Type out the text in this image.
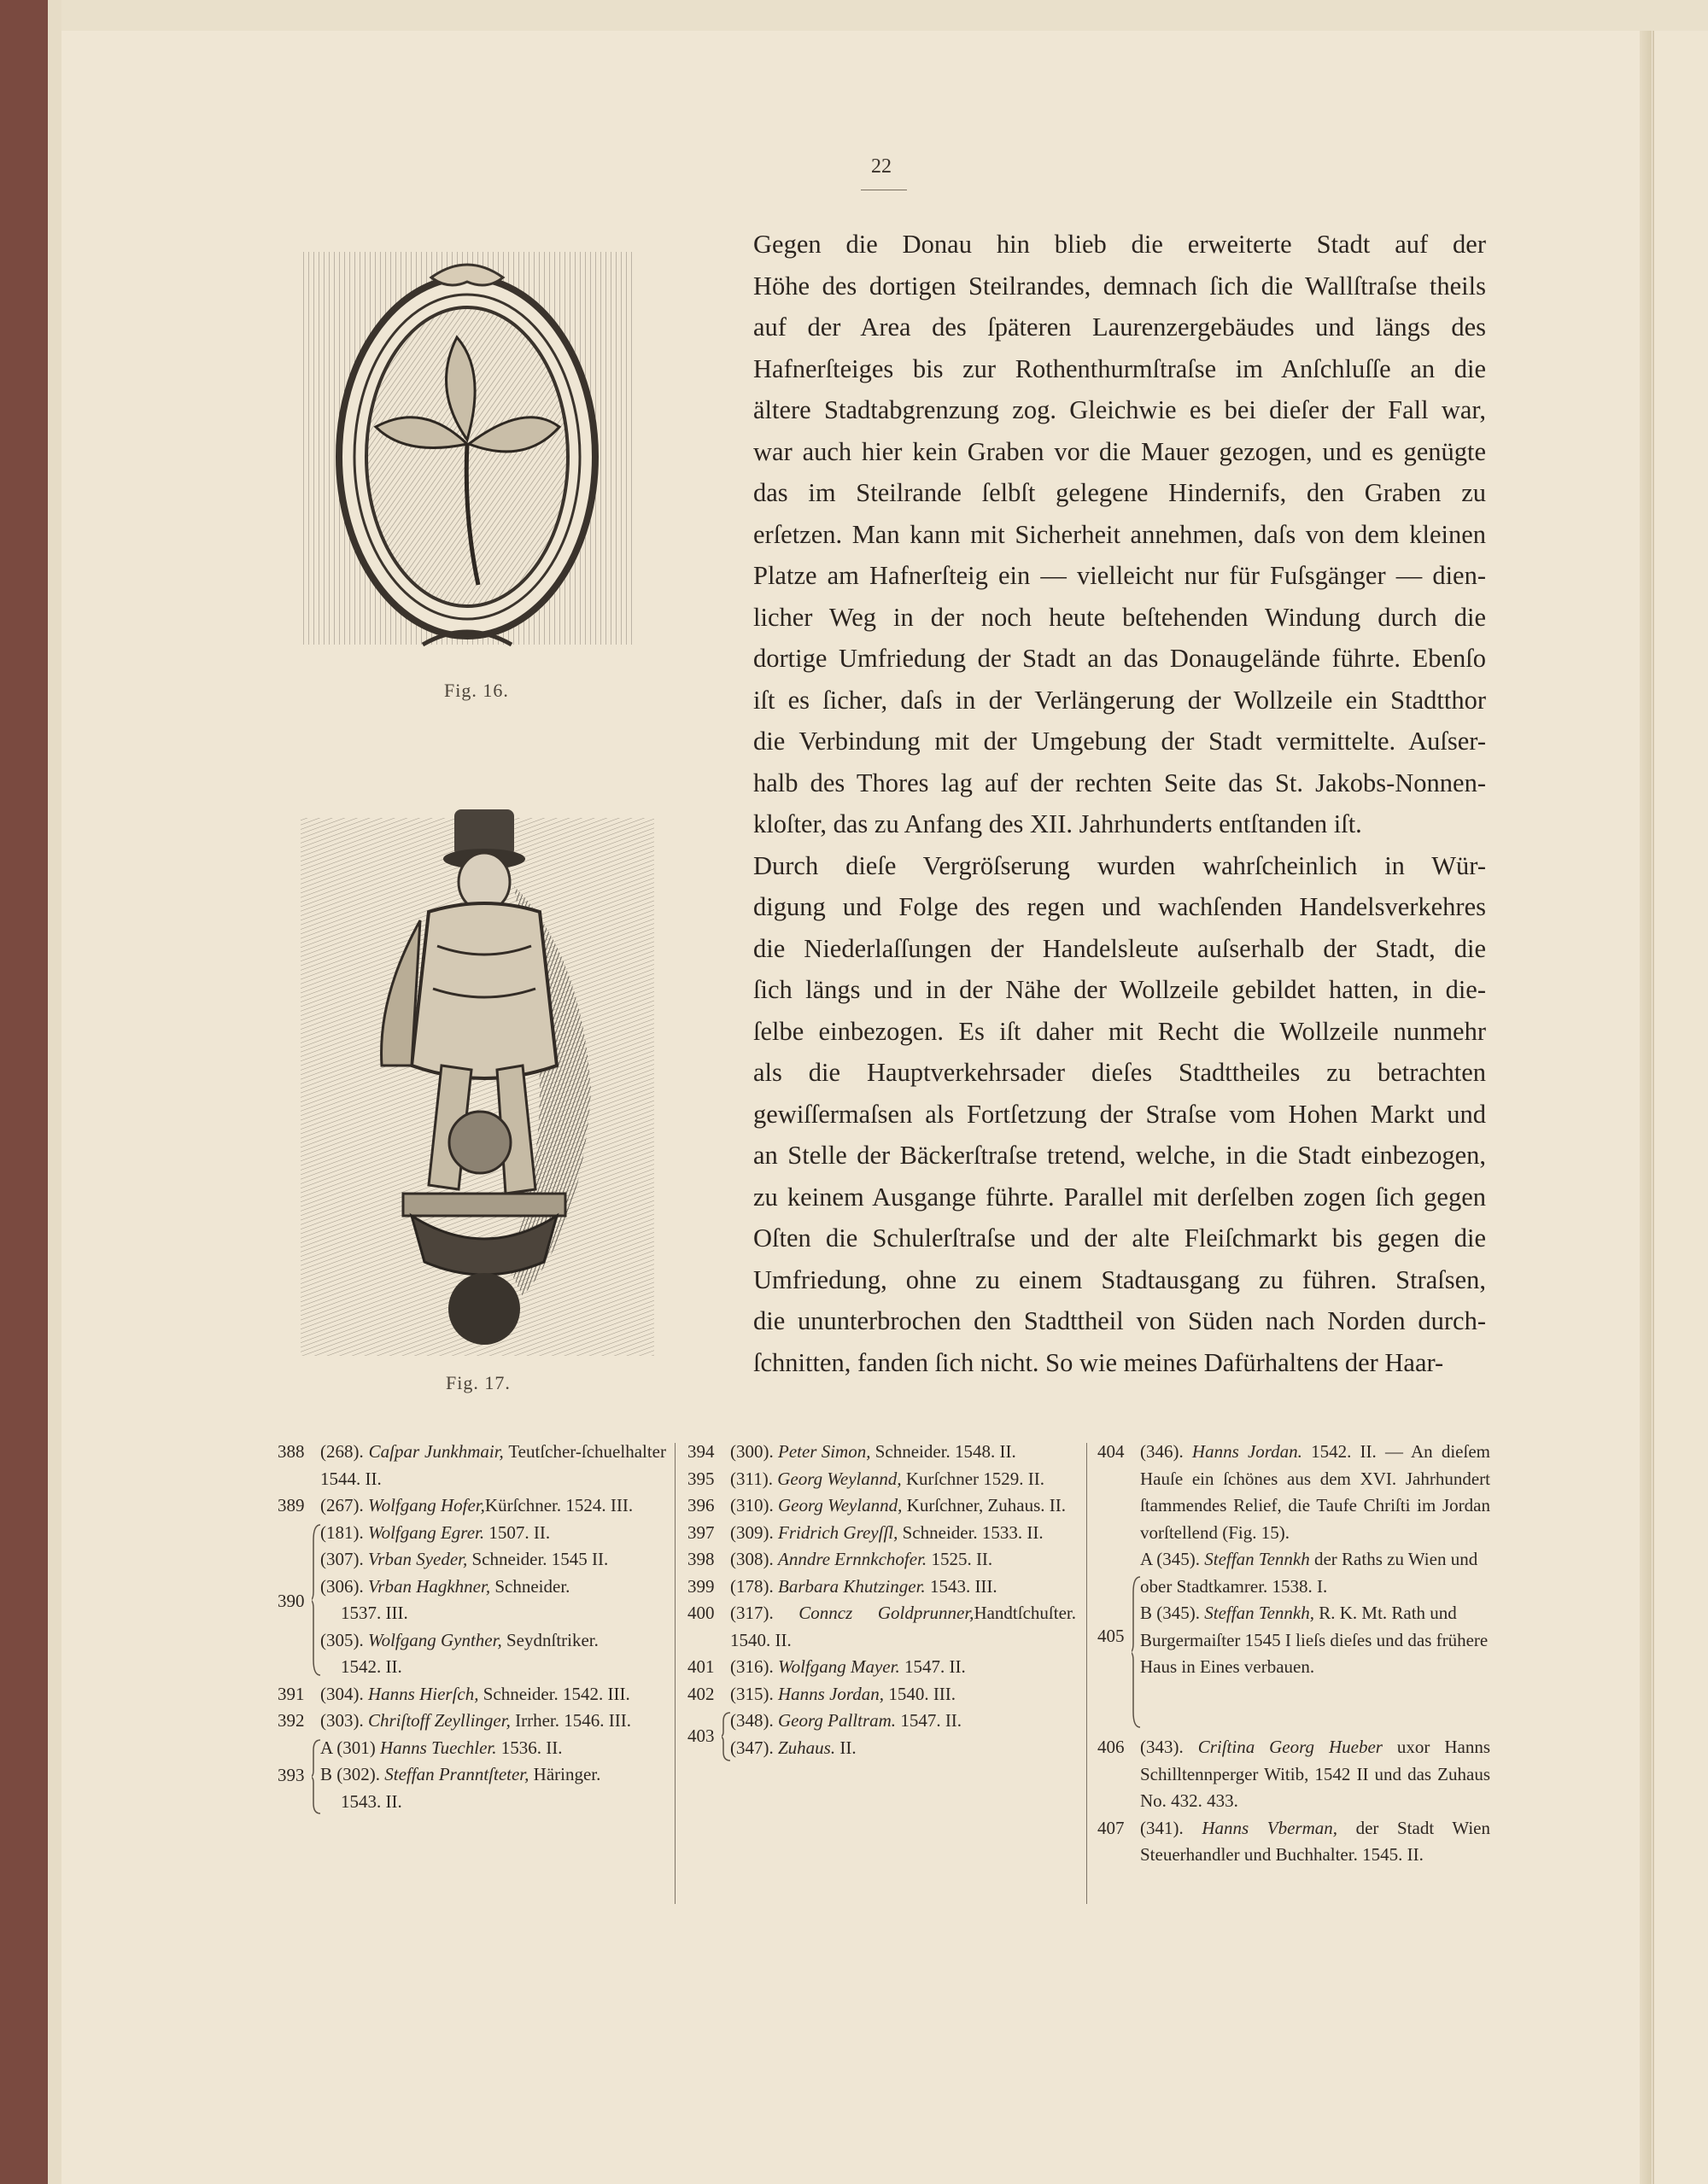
22
Fig. 16.
Fig. 17.

Gegen die Donau hin blieb die erweiterte Stadt auf der
Höhe des dortigen Steilrandes, demnach ſich die Wallſtraſse theils
auf der Area des ſpäteren Laurenzergebäudes und längs des
Hafnerſteiges bis zur Rothenthurmſtraſse im Anſchluſſe an die
ältere Stadtabgrenzung zog. Gleichwie es bei dieſer der Fall war,
war auch hier kein Graben vor die Mauer gezogen, und es genügte
das im Steilrande ſelbſt gelegene Hindernifs, den Graben zu
erſetzen. Man kann mit Sicherheit annehmen, daſs von dem kleinen
Platze am Hafnerſteig ein — vielleicht nur für Fuſsgänger — dien-
licher Weg in der noch heute beſtehenden Windung durch die
dortige Umfriedung der Stadt an das Donaugelände führte. Ebenſo
iſt es ſicher, daſs in der Verlängerung der Wollzeile ein Stadtthor
die Verbindung mit der Umgebung der Stadt vermittelte. Auſser-
halb des Thores lag auf der rechten Seite das St. Jakobs-Nonnen-
kloſter, das zu Anfang des XII. Jahrhunderts entſtanden iſt.

Durch dieſe Vergröſserung wurden wahrſcheinlich in Wür-
digung und Folge des regen und wachſenden Handelsverkehres
die Niederlaſſungen der Handelsleute auſserhalb der Stadt, die
ſich längs und in der Nähe der Wollzeile gebildet hatten, in die-
ſelbe einbezogen. Es iſt daher mit Recht die Wollzeile nunmehr
als die Hauptverkehrsader dieſes Stadttheiles zu betrachten
gewiſſermaſsen als Fortſetzung der Straſse vom Hohen Markt und
an Stelle der Bäckerſtraſse tretend, welche, in die Stadt einbezogen,
zu keinem Ausgange führte. Parallel mit derſelben zogen ſich gegen
Oſten die Schulerſtraſse und der alte Fleiſchmarkt bis gegen die
Umfriedung, ohne zu einem Stadtausgang zu führen. Straſsen,
die ununterbrochen den Stadttheil von Süden nach Norden durch-
ſchnitten, fanden ſich nicht. So wie meines Dafürhaltens der Haar-

388 (268). Caſpar Junkhmair, Teutſcher-ſchuelhalter 1544. II.
389 (267). Wolfgang Hofer,Kürſchner. 1524. III.
390
(181). Wolfgang Egrer. 1507. II.
(307). Vrban Syeder, Schneider. 1545 II.
(306). Vrban Hagkhner, Schneider.
1537. III.
(305). Wolfgang Gynther, Seydnſtriker.
1542. II.
391 (304). Hanns Hierſch, Schneider. 1542. III.
392 (303). Chriſtoff Zeyllinger, Irrher. 1546. III.
393
A (301) Hanns Tuechler. 1536. II.
B (302). Steffan Pranntſteter, Häringer.
1543. II.
394 (300). Peter Simon, Schneider. 1548. II.
395 (311). Georg Weylannd, Kurſchner 1529. II.
396 (310). Georg Weylannd, Kurſchner, Zuhaus. II.
397 (309). Fridrich Greyſſl, Schneider. 1533. II.
398 (308). Anndre Ernnkchofer. 1525. II.
399 (178). Barbara Khutzinger. 1543. III.
400 (317). Conncz Goldprunner,Handtſchuſter. 1540. II.
401 (316). Wolfgang Mayer. 1547. II.
402 (315). Hanns Jordan, 1540. III.
403
(348). Georg Palltram. 1547. II.
(347). Zuhaus. II.
404 (346). Hanns Jordan. 1542. II. — An dieſem Hauſe ein ſchönes aus dem XVI. Jahrhundert ſtammendes Relief, die Taufe Chriſti im Jordan vorſtellend (Fig. 15).
405
A (345). Steffan Tennkh der Raths zu Wien und ober Stadtkamrer. 1538. I.
B (345). Steffan Tennkh, R. K. Mt. Rath und Burgermaiſter 1545 I lieſs dieſes und das frühere Haus in Eines verbauen.
406 (343). Criſtina Georg Hueber uxor Hanns Schilltennperger Witib, 1542 II und das Zuhaus No. 432. 433.
407 (341). Hanns Vberman, der Stadt Wien Steuerhandler und Buchhalter. 1545. II.
